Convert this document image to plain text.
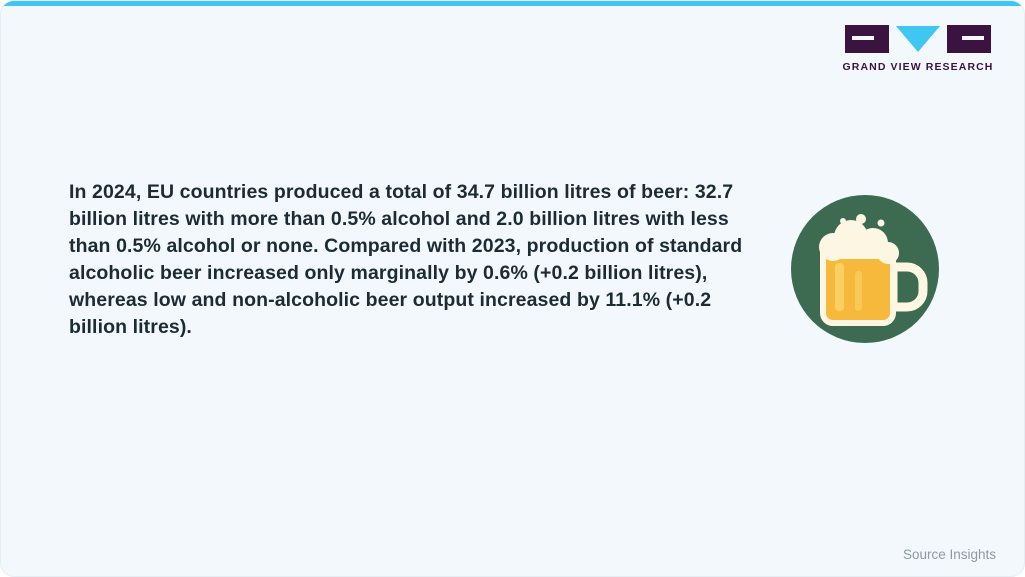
GRAND VIEW RESEARCH
In 2024, EU countries produced a total of 34.7 billion litres of beer: 32.7 billion litres with more than 0.5% alcohol and 2.0 billion litres with less than 0.5% alcohol or none. Compared with 2023, production of standard alcoholic beer increased only marginally by 0.6% (+0.2 billion litres), whereas low and non-alcoholic beer output increased by 11.1% (+0.2 billion litres).
Source Insights
